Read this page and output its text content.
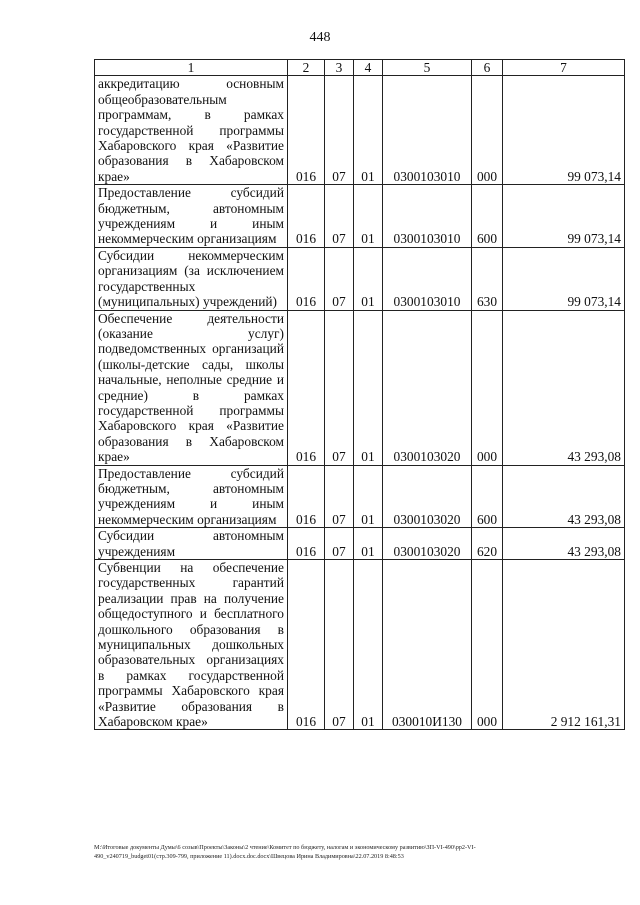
448
1	2	3	4	5	6	7
аккредитацию основным общеобразовательным программам, в рамках государственной программы Хабаровского края «Развитие образования в Хабаровском крае»	016	07	01	0300103010	000	99 073,14
Предоставление субсидий бюджетным, автономным учреждениям и иным некоммерческим организациям	016	07	01	0300103010	600	99 073,14
Субсидии некоммерческим организациям (за исключением государственных (муниципальных) учреждений)	016	07	01	0300103010	630	99 073,14
Обеспечение деятельности (оказание услуг) подведомственных организаций (школы-детские сады, школы начальные, неполные средние и средние) в рамках государственной программы Хабаровского края «Развитие образования в Хабаровском крае»	016	07	01	0300103020	000	43 293,08
Предоставление субсидий бюджетным, автономным учреждениям и иным некоммерческим организациям	016	07	01	0300103020	600	43 293,08
Субсидии автономным учреждениям	016	07	01	0300103020	620	43 293,08
Субвенции на обеспечение государственных гарантий реализации прав на получение общедоступного и бесплатного дошкольного образования в муниципальных дошкольных образовательных организациях в рамках государственной программы Хабаровского края «Развитие образования в Хабаровском крае»	016	07	01	030010И130	000	2 912 161,31
М:\Итоговые документы Думы\6 созыв\Проекты\Законы\2 чтение\Комитет по бюджету, налогам и экономическому развитию\ЗП-VI-490\рр2-VI-
490_v240719_budget01(стр.309-799, приложение 11).docx.doc.docx\Швецова Ирина Владимировна\22.07.2019 8:48:53
